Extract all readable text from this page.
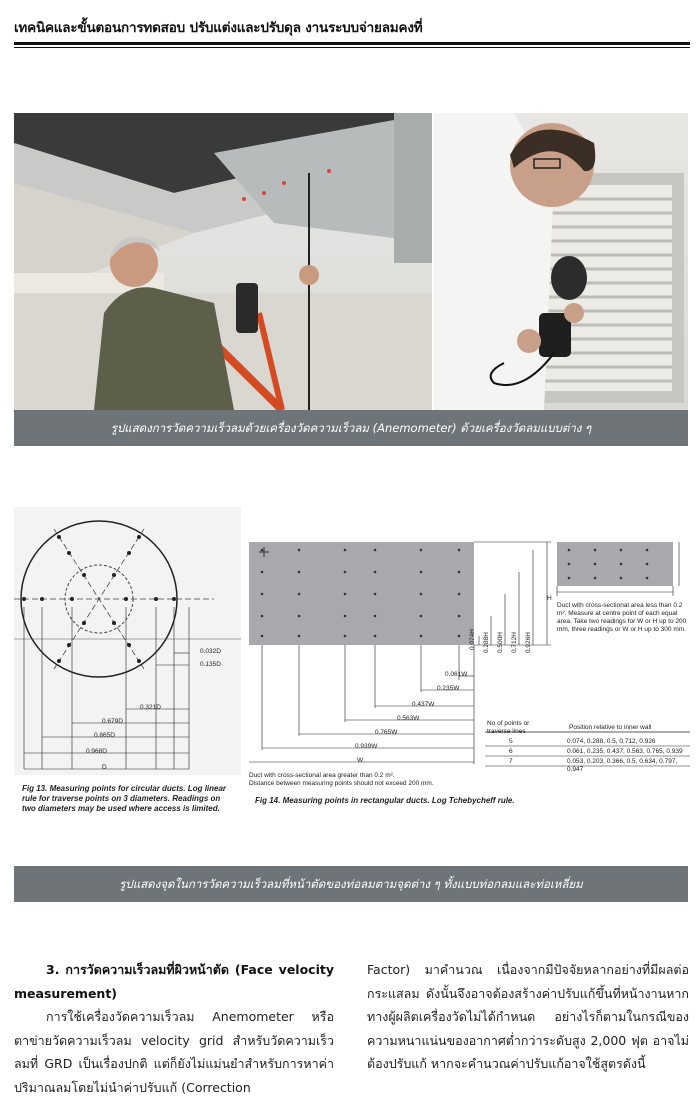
เทคนิคและขั้นตอนการทดสอบ ปรับแต่งและปรับดุล งานระบบจ่ายลมคงที่
รูปแสดงการวัดความเร็วลมด้วยเครื่องวัดความเร็วลม (Anemometer) ด้วยเครื่องวัดลมแบบต่าง ๆ
0.032D
0.135D
0.321D
0.679D
0.865D
0.968D
D
Fig 13. Measuring points for circular ducts. Log linear rule for traverse points on 3 diameters. Readings on two diameters may be used where access is limited.
0.061W
0.235W
0.437W
0.563W
0.765W
0.939W
W
0.074H 0.288H 0.500H 0.712H 0.926H
H
Duct with cross-sectional area less than 0.2 m². Measure at centre point of each equal area. Take two readings for W or H up to 200 mm, three readings or W or H up to 300 mm.
No of points or traverse lines
Position relative to inner wall
5	0.074, 0.288, 0.5, 0.712, 0.926
6	0.061, 0.235, 0.437, 0.563, 0.765, 0.939
7	0.053, 0.203, 0.366, 0.5, 0.634, 0.797, 0.947
Duct with cross-sectional area greater than 0.2 m².
Distance between measuring points should not exceed 200 mm.
Fig 14. Measuring points in rectangular ducts. Log Tchebycheff rule.
รูปแสดงจุดในการวัดความเร็วลมที่หน้าตัดของท่อลมตามจุดต่าง ๆ ทั้งแบบท่อกลมและท่อเหลี่ยม
3. การวัดความเร็วลมที่ผิวหน้าตัด (Face velocity measurement)
การใช้เครื่องวัดความเร็วลม Anemometer หรือตาข่ายวัดความเร็วลม velocity grid สำหรับวัดความเร็วลมที่ GRD เป็นเรื่องปกติ แต่ก็ยังไม่แม่นยำสำหรับการหาค่าปริมาณลมโดยไม่นำค่าปรับแก้ (Correction
Factor) มาคำนวณ เนื่องจากมีปัจจัยหลากอย่างที่มีผลต่อกระแสลม ดังนั้นจึงอาจต้องสร้างค่าปรับแก้ขึ้นที่หน้างานหากทางผู้ผลิตเครื่องวัดไม่ได้กำหนด อย่างไรก็ตามในกรณีของความหนาแน่นของอากาศต่ำกว่าระดับสูง 2,000 ฟุต อาจไม่ต้องปรับแก้ หากจะคำนวณค่าปรับแก้อาจใช้สูตรดังนี้
